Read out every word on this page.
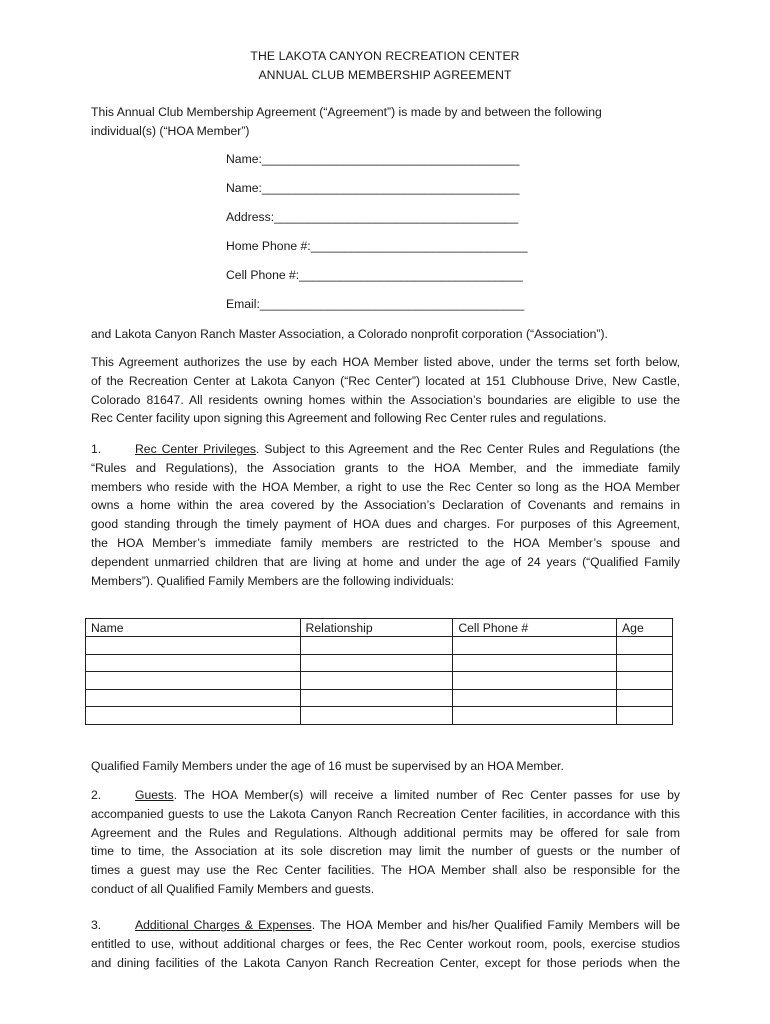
THE LAKOTA CANYON RECREATION CENTER
ANNUAL CLUB MEMBERSHIP AGREEMENT
This Annual Club Membership Agreement (“Agreement”) is made by and between the following
individual(s) (“HOA Member”)
Name:______________________________________
Name:______________________________________
Address:____________________________________
Home Phone #:________________________________
Cell Phone #:_________________________________
Email:_______________________________________
and Lakota Canyon Ranch Master Association, a Colorado nonprofit corporation (“Association”).
This Agreement authorizes the use by each HOA Member listed above, under the terms set forth below,
of the Recreation Center at Lakota Canyon (“Rec Center”) located at 151 Clubhouse Drive, New Castle,
Colorado 81647. All residents owning homes within the Association’s boundaries are eligible to use the
Rec Center facility upon signing this Agreement and following Rec Center rules and regulations.
1.	Rec Center Privileges. Subject to this Agreement and the Rec Center Rules and Regulations (the
“Rules and Regulations), the Association grants to the HOA Member, and the immediate family
members who reside with the HOA Member, a right to use the Rec Center so long as the HOA Member
owns a home within the area covered by the Association’s Declaration of Covenants and remains in
good standing through the timely payment of HOA dues and charges. For purposes of this Agreement,
the HOA Member’s immediate family members are restricted to the HOA Member’s spouse and
dependent unmarried children that are living at home and under the age of 24 years (“Qualified Family
Members”). Qualified Family Members are the following individuals:
Name	Relationship	Cell Phone #	Age

Qualified Family Members under the age of 16 must be supervised by an HOA Member.
2.	Guests. The HOA Member(s) will receive a limited number of Rec Center passes for use by
accompanied guests to use the Lakota Canyon Ranch Recreation Center facilities, in accordance with this
Agreement and the Rules and Regulations. Although additional permits may be offered for sale from
time to time, the Association at its sole discretion may limit the number of guests or the number of
times a guest may use the Rec Center facilities. The HOA Member shall also be responsible for the
conduct of all Qualified Family Members and guests.
3.	Additional Charges & Expenses. The HOA Member and his/her Qualified Family Members will be
entitled to use, without additional charges or fees, the Rec Center workout room, pools, exercise studios
and dining facilities of the Lakota Canyon Ranch Recreation Center, except for those periods when the
